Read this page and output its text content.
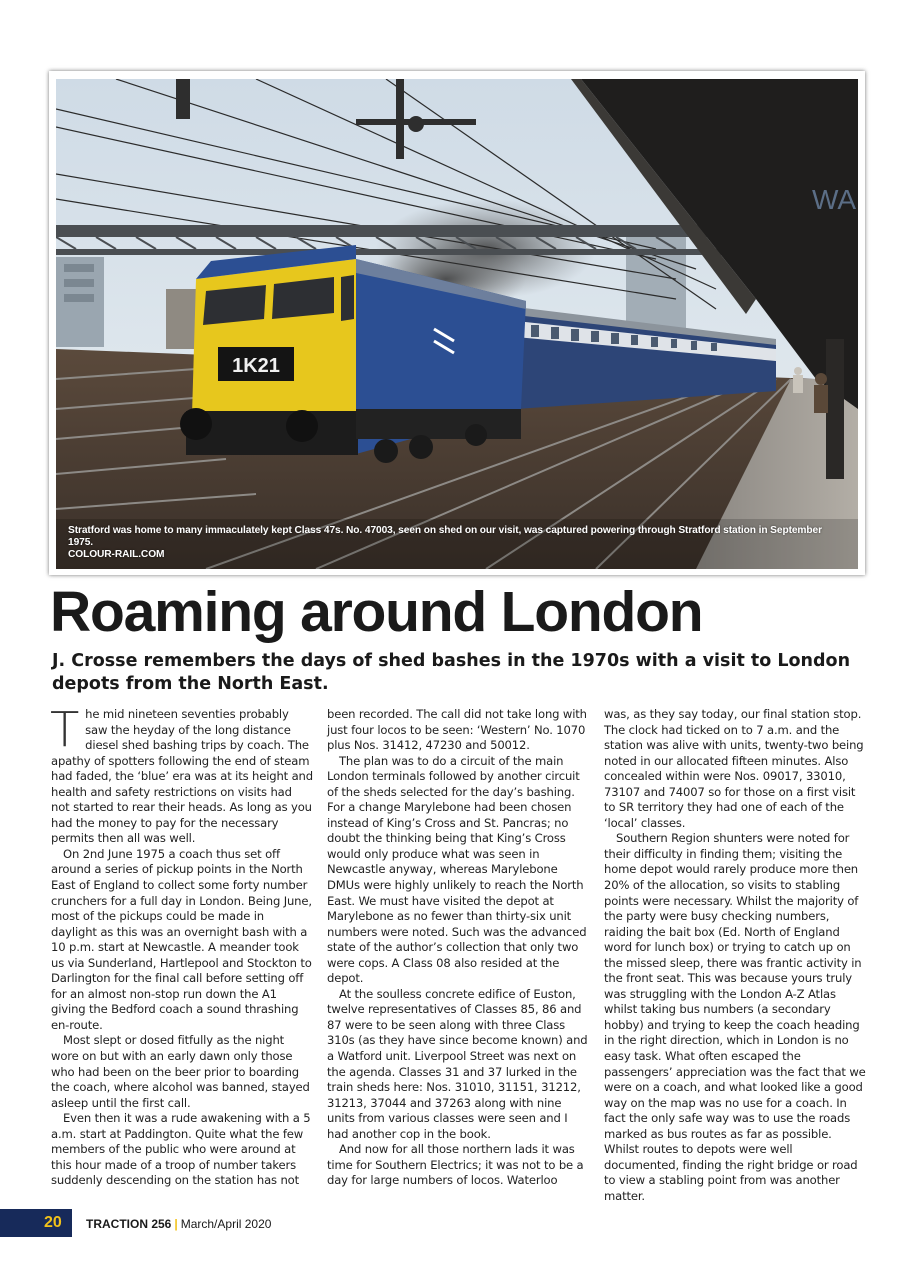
WA
1K21
Stratford was home to many immaculately kept Class 47s. No. 47003, seen on shed on our visit, was captured powering through Stratford station in September 1975.
COLOUR-RAIL.COM
Roaming around London

J. Crosse remembers the days of shed bashes in the 1970s with a visit to London depots from the North East.

The mid nineteen seventies probably saw the heyday of the long distance diesel shed bashing trips by coach. The apathy of spotters following the end of steam had faded, the ‘blue’ era was at its height and health and safety restrictions on visits had not started to rear their heads. As long as you had the money to pay for the necessary permits then all was well.

On 2nd June 1975 a coach thus set off around a series of pickup points in the North East of England to collect some forty number crunchers for a full day in London. Being June, most of the pickups could be made in daylight as this was an overnight bash with a 10 p.m. start at Newcastle. A meander took us via Sunderland, Hartlepool and Stockton to Darlington for the final call before setting off for an almost non-stop run down the A1 giving the Bedford coach a sound thrashing en-route.

Most slept or dosed fitfully as the night wore on but with an early dawn only those who had been on the beer prior to boarding the coach, where alcohol was banned, stayed asleep until the first call.

Even then it was a rude awakening with a 5 a.m. start at Paddington. Quite what the few members of the public who were around at this hour made of a troop of number takers suddenly descending on the station has not

been recorded. The call did not take long with just four locos to be seen: ‘Western’ No. 1070 plus Nos. 31412, 47230 and 50012.

The plan was to do a circuit of the main London terminals followed by another circuit of the sheds selected for the day’s bashing. For a change Marylebone had been chosen instead of King’s Cross and St. Pancras; no doubt the thinking being that King’s Cross would only produce what was seen in Newcastle anyway, whereas Marylebone DMUs were highly unlikely to reach the North East. We must have visited the depot at Marylebone as no fewer than thirty-six unit numbers were noted. Such was the advanced state of the author’s collection that only two were cops. A Class 08 also resided at the depot.

At the soulless concrete edifice of Euston, twelve representatives of Classes 85, 86 and 87 were to be seen along with three Class 310s (as they have since become known) and a Watford unit. Liverpool Street was next on the agenda. Classes 31 and 37 lurked in the train sheds here: Nos. 31010, 31151, 31212, 31213, 37044 and 37263 along with nine units from various classes were seen and I had another cop in the book.

And now for all those northern lads it was time for Southern Electrics; it was not to be a day for large numbers of locos. Waterloo

was, as they say today, our final station stop. The clock had ticked on to 7 a.m. and the station was alive with units, twenty-two being noted in our allocated fifteen minutes. Also concealed within were Nos. 09017, 33010, 73107 and 74007 so for those on a first visit to SR territory they had one of each of the ‘local’ classes.

Southern Region shunters were noted for their difficulty in finding them; visiting the home depot would rarely produce more then 20% of the allocation, so visits to stabling points were necessary. Whilst the majority of the party were busy checking numbers, raiding the bait box (Ed. North of England word for lunch box) or trying to catch up on the missed sleep, there was frantic activity in the front seat. This was because yours truly was struggling with the London A-Z Atlas whilst taking bus numbers (a secondary hobby) and trying to keep the coach heading in the right direction, which in London is no easy task. What often escaped the passengers’ appreciation was the fact that we were on a coach, and what looked like a good way on the map was no use for a coach. In fact the only safe way was to use the roads marked as bus routes as far as possible. Whilst routes to depots were well documented, finding the right bridge or road to view a stabling point from was another matter.

20 TRACTION 256 | March/April 2020
